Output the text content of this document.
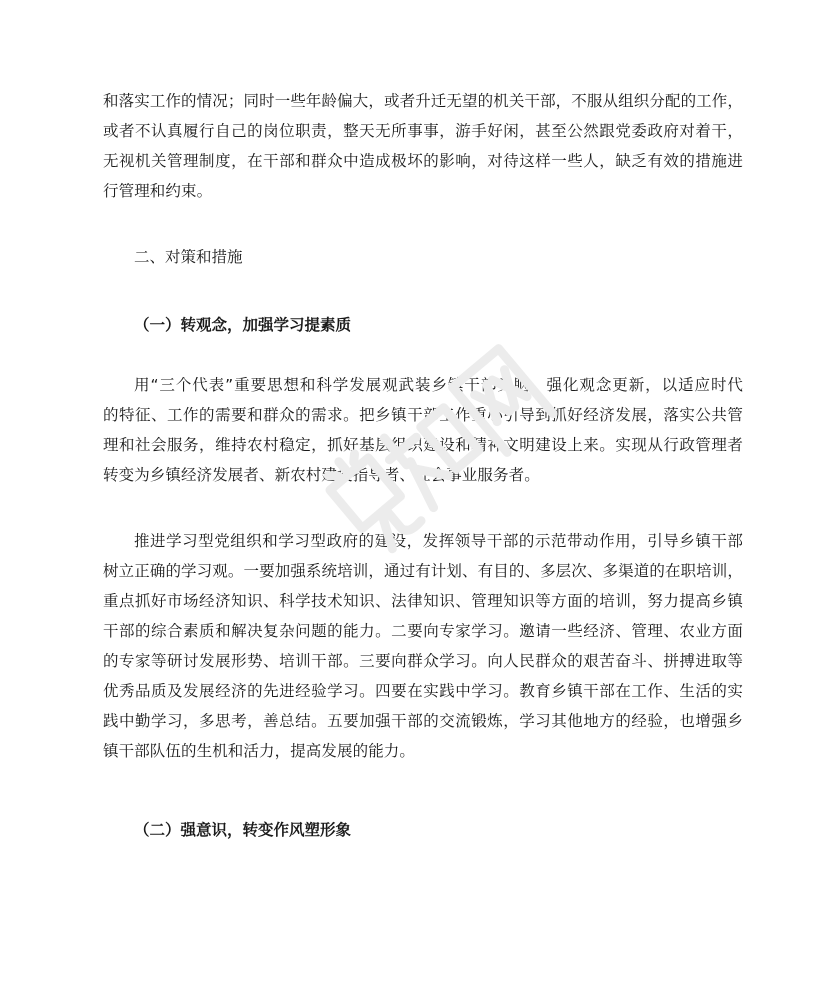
和落实工作的情况；同时一些年龄偏大，或者升迁无望的机关干部，不服从组织分配的工作，
或者不认真履行自己的岗位职责，整天无所事事，游手好闲，甚至公然跟党委政府对着干，
无视机关管理制度，在干部和群众中造成极坏的影响，对待这样一些人，缺乏有效的措施进
行管理和约束。

二、对策和措施

（一）转观念，加强学习提素质

用“三个代表”重要思想和科学发展观武装乡镇干部头脑，强化观念更新，以适应时代
的特征、工作的需要和群众的需求。把乡镇干部工作重心引导到抓好经济发展，落实公共管
理和社会服务，维持农村稳定，抓好基层组织建设和精神文明建设上来。实现从行政管理者
转变为乡镇经济发展者、新农村建设指导者、社会事业服务者。
推进学习型党组织和学习型政府的建设，发挥领导干部的示范带动作用，引导乡镇干部
树立正确的学习观。一要加强系统培训，通过有计划、有目的、多层次、多渠道的在职培训，
重点抓好市场经济知识、科学技术知识、法律知识、管理知识等方面的培训，努力提高乡镇
干部的综合素质和解决复杂问题的能力。二要向专家学习。邀请一些经济、管理、农业方面
的专家等研讨发展形势、培训干部。三要向群众学习。向人民群众的艰苦奋斗、拼搏进取等
优秀品质及发展经济的先进经验学习。四要在实践中学习。教育乡镇干部在工作、生活的实
践中勤学习，多思考，善总结。五要加强干部的交流锻炼，学习其他地方的经验，也增强乡
镇干部队伍的生机和活力，提高发展的能力。

（二）强意识，转变作风塑形象
